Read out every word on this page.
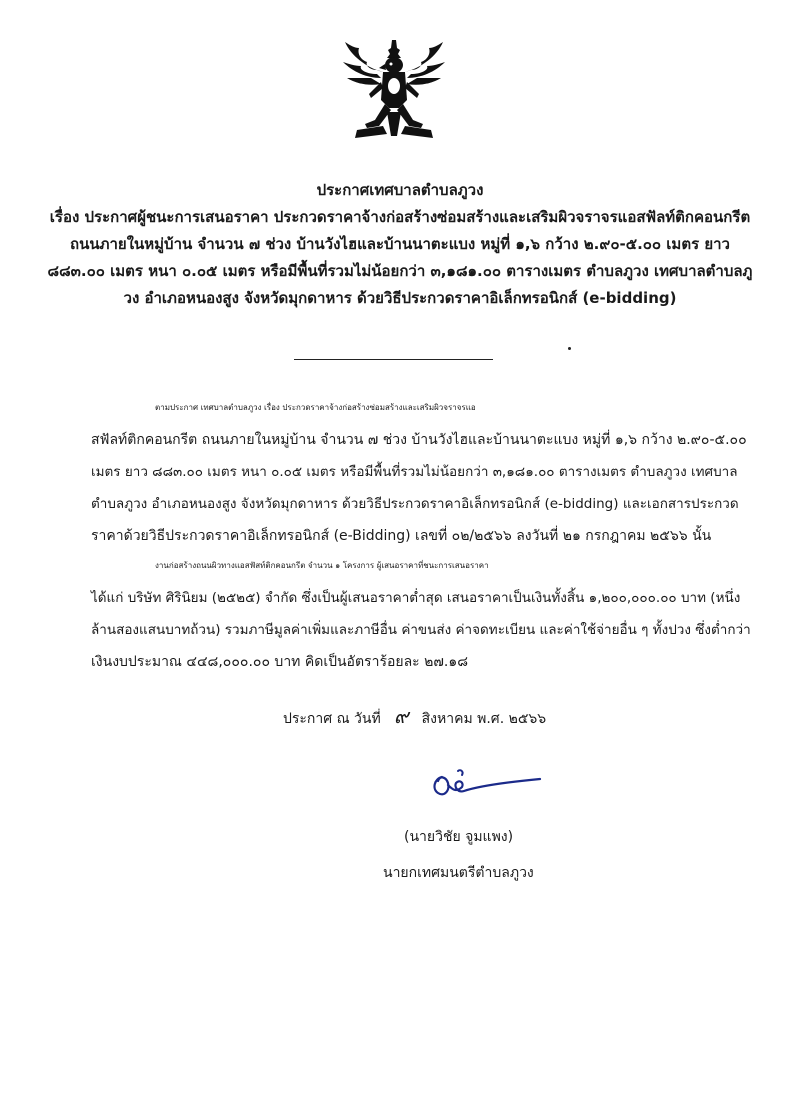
ประกาศเทศบาลตำบลภูวง
เรื่อง ประกาศผู้ชนะการเสนอราคา ประกวดราคาจ้างก่อสร้างซ่อมสร้างและเสริมผิวจราจรแอสฟัลท์ติกคอนกรีต
ถนนภายในหมู่บ้าน จำนวน ๗ ช่วง บ้านวังไฮและบ้านนาตะแบง หมู่ที่ ๑,๖ กว้าง ๒.๙๐-๕.๐๐ เมตร ยาว
๘๘๓.๐๐ เมตร หนา ๐.๐๕ เมตร หรือมีพื้นที่รวมไม่น้อยกว่า ๓,๑๘๑.๐๐ ตารางเมตร ตำบลภูวง เทศบาลตำบลภู
วง อำเภอหนองสูง จังหวัดมุกดาหาร ด้วยวิธีประกวดราคาอิเล็กทรอนิกส์ (e-bidding)
ตามประกาศ เทศบาลตำบลภูวง เรื่อง ประกวดราคาจ้างก่อสร้างซ่อมสร้างและเสริมผิวจราจรแอ
สฟัลท์ติกคอนกรีต ถนนภายในหมู่บ้าน จำนวน ๗ ช่วง บ้านวังไฮและบ้านนาตะแบง หมู่ที่ ๑,๖ กว้าง ๒.๙๐-๕.๐๐
เมตร ยาว ๘๘๓.๐๐ เมตร หนา ๐.๐๕ เมตร หรือมีพื้นที่รวมไม่น้อยกว่า ๓,๑๘๑.๐๐ ตารางเมตร ตำบลภูวง เทศบาล
ตำบลภูวง อำเภอหนองสูง จังหวัดมุกดาหาร ด้วยวิธีประกวดราคาอิเล็กทรอนิกส์ (e-bidding) และเอกสารประกวด
ราคาด้วยวิธีประกวดราคาอิเล็กทรอนิกส์ (e-Bidding) เลขที่ ๐๒/๒๕๖๖ ลงวันที่ ๒๑ กรกฎาคม ๒๕๖๖ นั้น
งานก่อสร้างถนนผิวทางแอสฟัสท์ติกคอนกรีต จำนวน ๑ โครงการ ผู้เสนอราคาที่ชนะการเสนอราคา
ได้แก่ บริษัท ศิรินิยม (๒๕๒๕) จำกัด ซึ่งเป็นผู้เสนอราคาต่ำสุด เสนอราคาเป็นเงินทั้งสิ้น ๑,๒๐๐,๐๐๐.๐๐ บาท (หนึ่ง
ล้านสองแสนบาทถ้วน) รวมภาษีมูลค่าเพิ่มและภาษีอื่น ค่าขนส่ง ค่าจดทะเบียน และค่าใช้จ่ายอื่น ๆ ทั้งปวง ซึ่งต่ำกว่า
เงินงบประมาณ ๔๔๘,๐๐๐.๐๐ บาท คิดเป็นอัตราร้อยละ ๒๗.๑๘
ประกาศ ณ วันที่ ๙ สิงหาคม พ.ศ. ๒๕๖๖
(นายวิชัย จูมแพง)
นายกเทศมนตรีตำบลภูวง
